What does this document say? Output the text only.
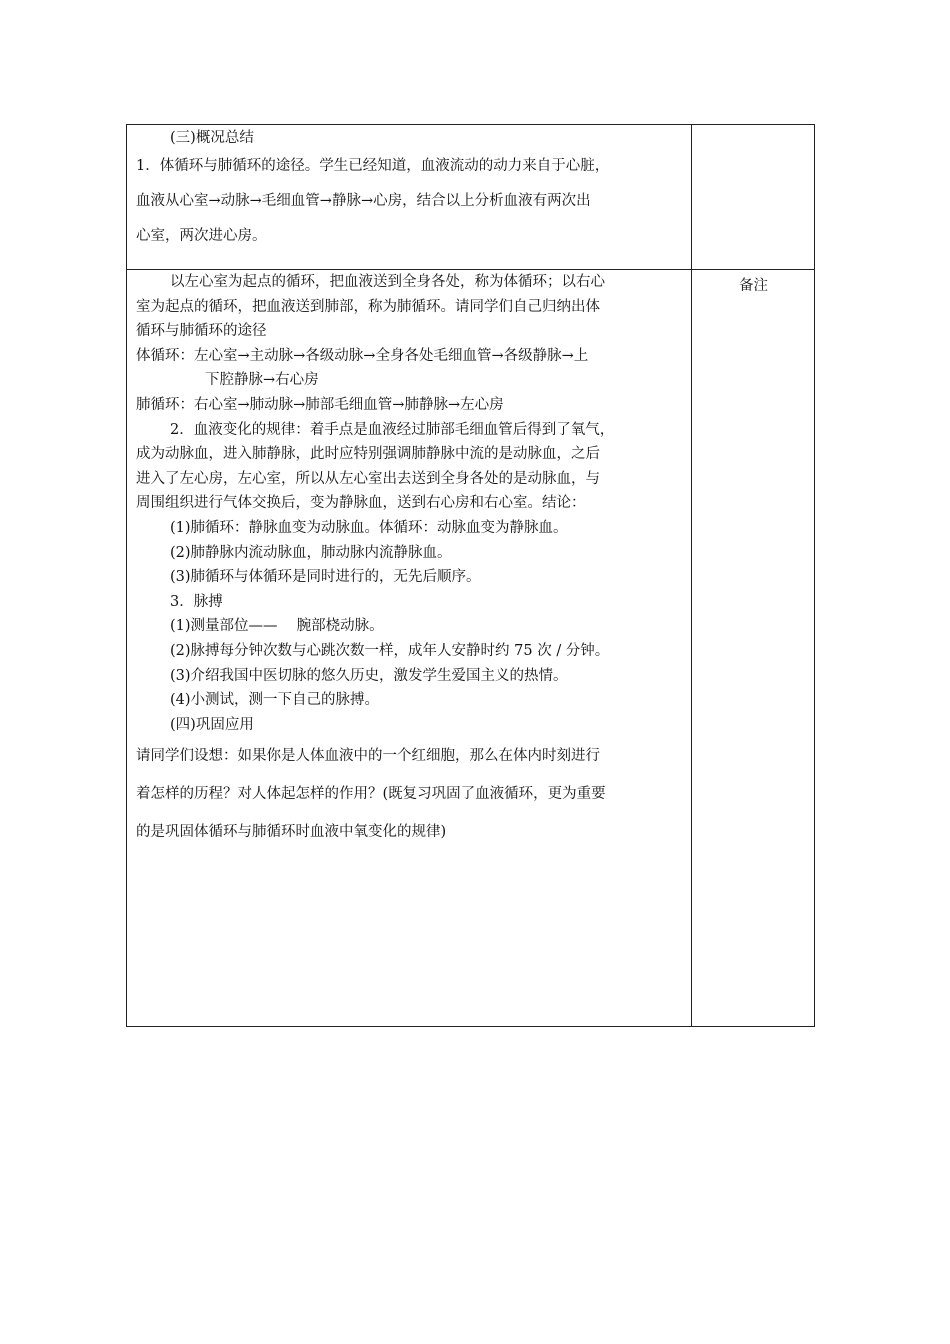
(三)概况总结
1．体循环与肺循环的途径。学生已经知道，血液流动的动力来自于心脏，
血液从心室→动脉→毛细血管→静脉→心房，结合以上分析血液有两次出
心室，两次进心房。
备注
以左心室为起点的循环，把血液送到全身各处，称为体循环；以右心
室为起点的循环，把血液送到肺部，称为肺循环。请同学们自己归纳出体
循环与肺循环的途径
体循环：左心室→主动脉→各级动脉→全身各处毛细血管→各级静脉→上
下腔静脉→右心房
肺循环：右心室→肺动脉→肺部毛细血管→肺静脉→左心房
2．血液变化的规律：着手点是血液经过肺部毛细血管后得到了氧气，
成为动脉血，进入肺静脉，此时应特别强调肺静脉中流的是动脉血，之后
进入了左心房，左心室，所以从左心室出去送到全身各处的是动脉血，与
周围组织进行气体交换后，变为静脉血，送到右心房和右心室。结论：
(1)肺循环：静脉血变为动脉血。体循环：动脉血变为静脉血。
(2)肺静脉内流动脉血，肺动脉内流静脉血。
(3)肺循环与体循环是同时进行的，无先后顺序。
3．脉搏
(1)测量部位——　 腕部桡动脉。
(2)脉搏每分钟次数与心跳次数一样，成年人安静时约 75 次 / 分钟。
(3)介绍我国中医切脉的悠久历史，激发学生爱国主义的热情。
(4)小测试，测一下自己的脉搏。
(四)巩固应用
请同学们设想：如果你是人体血液中的一个红细胞，那么在体内时刻进行
着怎样的历程？对人体起怎样的作用？(既复习巩固了血液循环，更为重要
的是巩固体循环与肺循环时血液中氧变化的规律)
